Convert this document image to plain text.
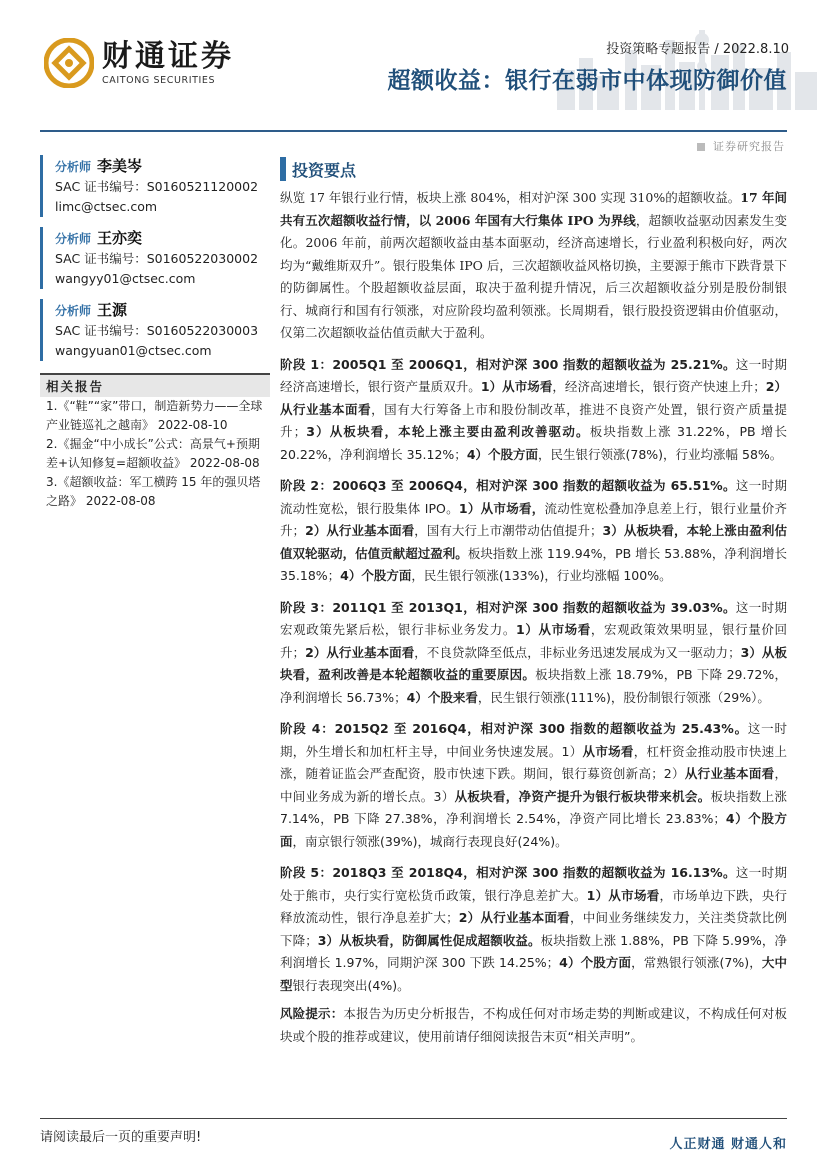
财通证券
CAITONG SECURITIES
投资策略专题报告 / 2022.8.10
超额收益：银行在弱市中体现防御价值
证券研究报告
分析师 李美岑
SAC 证书编号：S0160521120002
limc@ctsec.com
分析师 王亦奕
SAC 证书编号：S0160522030002
wangyy01@ctsec.com
分析师 王源
SAC 证书编号：S0160522030003
wangyuan01@ctsec.com
相关报告
1.《“鞋”“家”带口，制造新势力——全球产业链巡礼之越南》 2022-08-10
2.《掘金“中小成长”公式：高景气+预期差+认知修复=超额收益》 2022-08-08
3.《超额收益：军工横跨 15 年的强贝塔之路》 2022-08-08
投资要点

纵览 17 年银行业行情，板块上涨 804%，相对沪深 300 实现 310%的超额收益。17 年间共有五次超额收益行情，以 2006 年国有大行集体 IPO 为界线，超额收益驱动因素发生变化。2006 年前，前两次超额收益由基本面驱动，经济高速增长，行业盈利积极向好，两次均为“戴维斯双升”。银行股集体 IPO 后，三次超额收益风格切换，主要源于熊市下跌背景下的防御属性。个股超额收益层面，取决于盈利提升情况，后三次超额收益分别是股份制银行、城商行和国有行领涨，对应阶段均盈利领涨。长周期看，银行股投资逻辑由价值驱动，仅第二次超额收益估值贡献大于盈利。

阶段 1：2005Q1 至 2006Q1，相对沪深 300 指数的超额收益为 25.21%。这一时期经济高速增长，银行资产量质双升。1）从市场看，经济高速增长，银行资产快速上升；2）从行业基本面看，国有大行筹备上市和股份制改革，推进不良资产处置，银行资产质量提升；3）从板块看，本轮上涨主要由盈利改善驱动。板块指数上涨 31.22%，PB 增长 20.22%，净利润增长 35.12%；4）个股方面，民生银行领涨(78%)，行业均涨幅 58%。

阶段 2：2006Q3 至 2006Q4，相对沪深 300 指数的超额收益为 65.51%。这一时期流动性宽松，银行股集体 IPO。1）从市场看，流动性宽松叠加净息差上行，银行业量价齐升；2）从行业基本面看，国有大行上市潮带动估值提升；3）从板块看，本轮上涨由盈利估值双轮驱动，估值贡献超过盈利。板块指数上涨 119.94%，PB 增长 53.88%，净利润增长 35.18%；4）个股方面，民生银行领涨(133%)，行业均涨幅 100%。

阶段 3：2011Q1 至 2013Q1，相对沪深 300 指数的超额收益为 39.03%。这一时期宏观政策先紧后松，银行非标业务发力。1）从市场看，宏观政策效果明显，银行量价回升；2）从行业基本面看，不良贷款降至低点，非标业务迅速发展成为又一驱动力；3）从板块看，盈利改善是本轮超额收益的重要原因。板块指数上涨 18.79%，PB 下降 29.72%，净利润增长 56.73%；4）个股来看，民生银行领涨(111%)，股份制银行领涨（29%）。

阶段 4：2015Q2 至 2016Q4，相对沪深 300 指数的超额收益为 25.43%。这一时期，外生增长和加杠杆主导，中间业务快速发展。1）从市场看，杠杆资金推动股市快速上涨，随着证监会严查配资，股市快速下跌。期间，银行募资创新高；2）从行业基本面看，中间业务成为新的增长点。3）从板块看，净资产提升为银行板块带来机会。板块指数上涨 7.14%，PB 下降 27.38%，净利润增长 2.54%，净资产同比增长 23.83%；4）个股方面，南京银行领涨(39%)，城商行表现良好(24%)。

阶段 5：2018Q3 至 2018Q4，相对沪深 300 指数的超额收益为 16.13%。这一时期处于熊市，央行实行宽松货币政策，银行净息差扩大。1）从市场看，市场单边下跌，央行释放流动性，银行净息差扩大；2）从行业基本面看，中间业务继续发力，关注类贷款比例下降；3）从板块看，防御属性促成超额收益。板块指数上涨 1.88%，PB 下降 5.99%，净利润增长 1.97%，同期沪深 300 下跌 14.25%；4）个股方面，常熟银行领涨(7%)，大中型银行表现突出(4%)。

风险提示：本报告为历史分析报告，不构成任何对市场走势的判断或建议，不构成任何对板块或个股的推荐或建议，使用前请仔细阅读报告末页“相关声明”。

请阅读最后一页的重要声明!	人正财通 财通人和
